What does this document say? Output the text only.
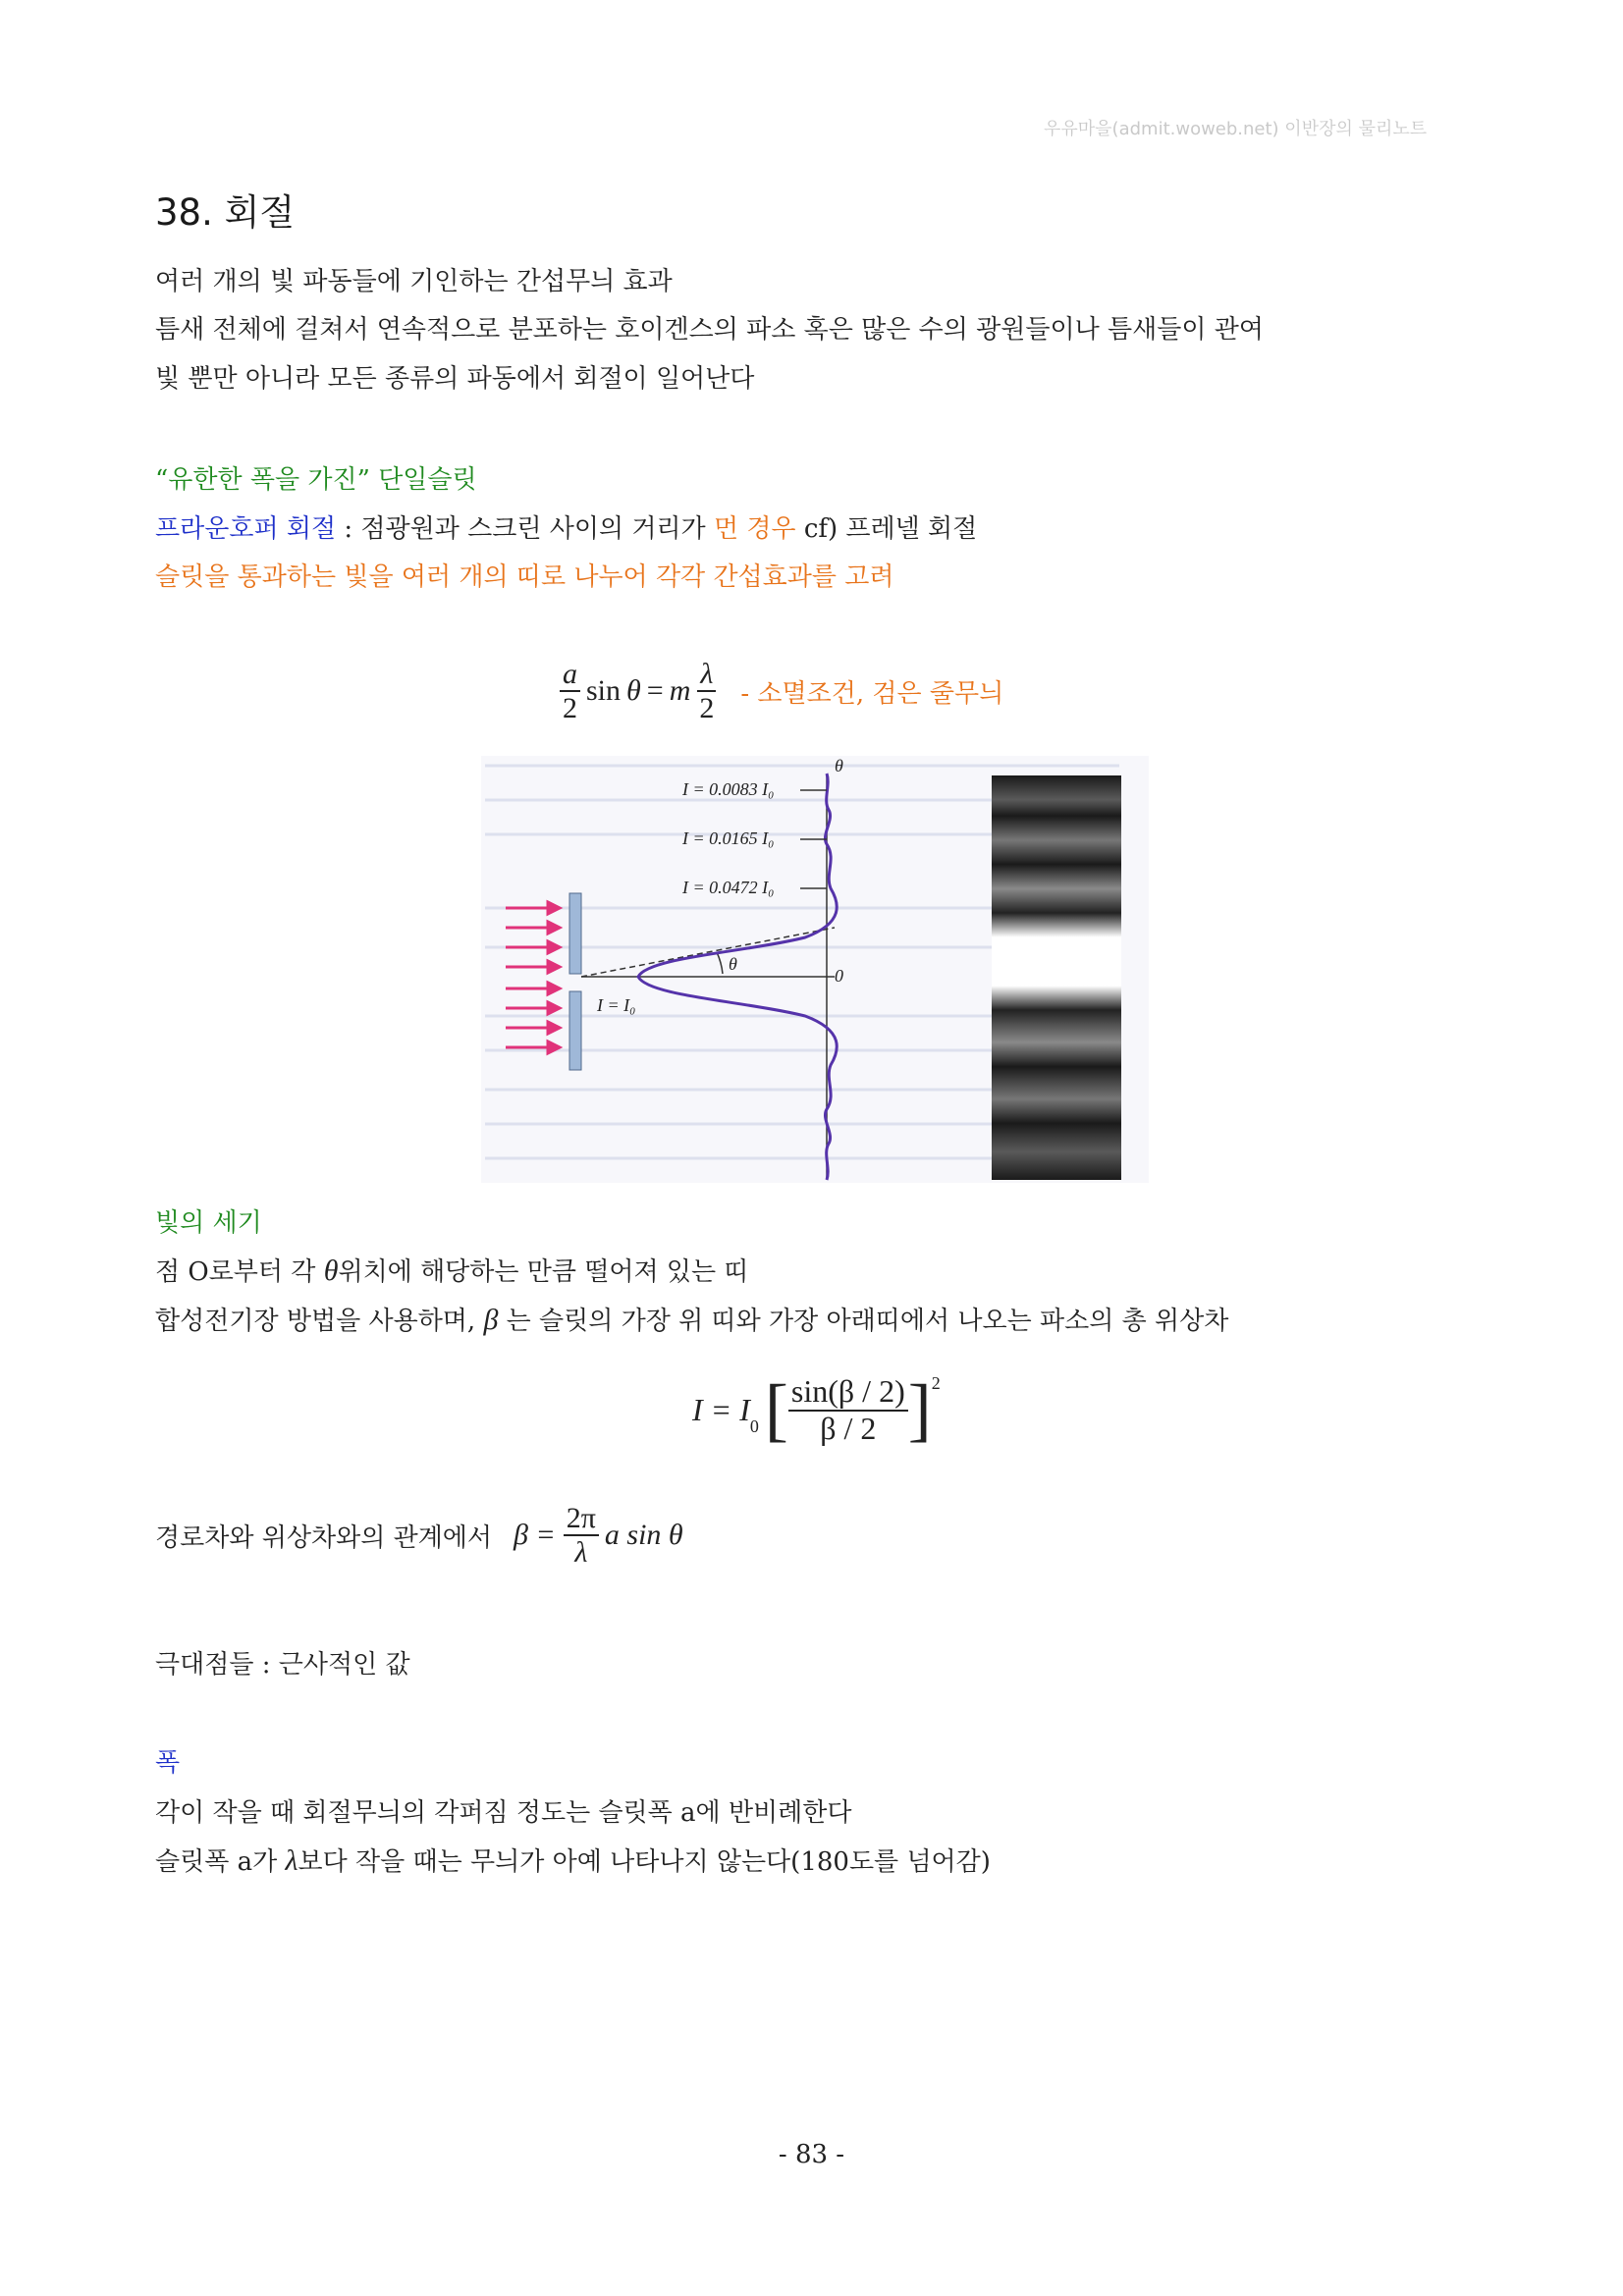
우유마을(admit.woweb.net) 이반장의 물리노트
38. 회절
여러 개의 빛 파동들에 기인하는 간섭무늬 효과
틈새 전체에 걸쳐서 연속적으로 분포하는 호이겐스의 파소 혹은 많은 수의 광원들이나 틈새들이 관여
빛 뿐만 아니라 모든 종류의 파동에서 회절이 일어난다
“유한한 폭을 가진” 단일슬릿
프라운호퍼 회절 : 점광원과 스크린 사이의 거리가 먼 경우 cf) 프레넬 회절
슬릿을 통과하는 빛을 여러 개의 띠로 나누어 각각 간섭효과를 고려
$\frac{a}{2}$ sin θ = m $\frac{\lambda}{2}$ - 소멸조건, 검은 줄무늬
I = 0.0083 I₀
I = 0.0165 I₀
I = 0.0472 I₀
I = I₀
θ
θ
0
빛의 세기
점 O로부터 각 θ위치에 해당하는 만큼 떨어져 있는 띠
합성전기장 방법을 사용하며, β 는 슬릿의 가장 위 띠와 가장 아래띠에서 나오는 파소의 총 위상차
I = I 0 [ $\frac{\sin(\beta / 2)}{\beta / 2}$ ] 2
경로차와 위상차와의 관계에서 $\beta = \frac{2\pi}{\lambda}$ a sin θ
극대점들 : 근사적인 값
폭
각이 작을 때 회절무늬의 각퍼짐 정도는 슬릿폭 a에 반비례한다
슬릿폭 a가 λ보다 작을 때는 무늬가 아예 나타나지 않는다(180도를 넘어감)
- 83 -
